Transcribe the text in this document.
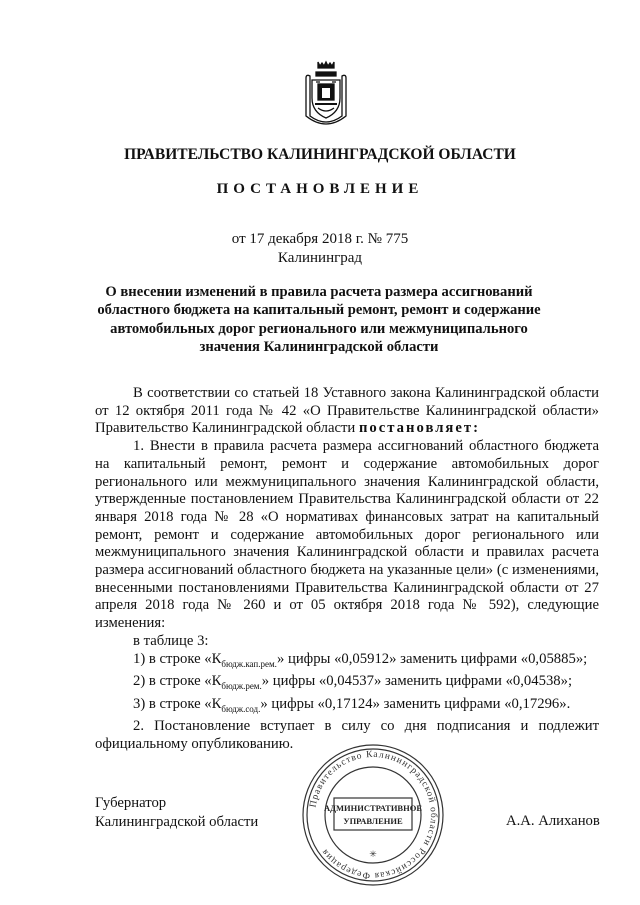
ПРАВИТЕЛЬСТВО КАЛИНИНГРАДСКОЙ ОБЛАСТИ
ПОСТАНОВЛЕНИЕ
от 17 декабря 2018 г. № 775
Калининград
О внесении изменений в правила расчета размера ассигнований областного бюджета на капитальный ремонт, ремонт и содержание автомобильных дорог регионального или межмуниципального значения Калининградской области

В соответствии со статьей 18 Уставного закона Калининградской области от 12 октября 2011 года № 42 «О Правительстве Калининградской области» Правительство Калининградской области постановляет:

1. Внести в правила расчета размера ассигнований областного бюджета на капитальный ремонт, ремонт и содержание автомобильных дорог регионального или межмуниципального значения Калининградской области, утвержденные постановлением Правительства Калининградской области от 22 января 2018 года № 28 «О нормативах финансовых затрат на капитальный ремонт, ремонт и содержание автомобильных дорог регионального или межмуниципального значения Калининградской области и правилах расчета размера ассигнований областного бюджета на указанные цели» (с изменениями, внесенными постановлениями Правительства Калининградской области от 27 апреля 2018 года № 260 и от 05 октября 2018 года № 592), следующие изменения:

в таблице 3:

1) в строке «$К_{бюдж.кап.рем.}$» цифры «0,05912» заменить цифрами «0,05885»;

2) в строке «$К_{бюдж.рем.}$» цифры «0,04537» заменить цифрами «0,04538»;

3) в строке «$К_{бюдж.сод.}$» цифры «0,17124» заменить цифрами «0,17296».

2. Постановление вступает в силу со дня подписания и подлежит официальному опубликованию.

Губернатор
Калининградской области	А.А. Алиханов
Правительство Калининградской области Российская Федерация
АДМИНИСТРАТИВНОЕ
УПРАВЛЕНИЕ
✳
